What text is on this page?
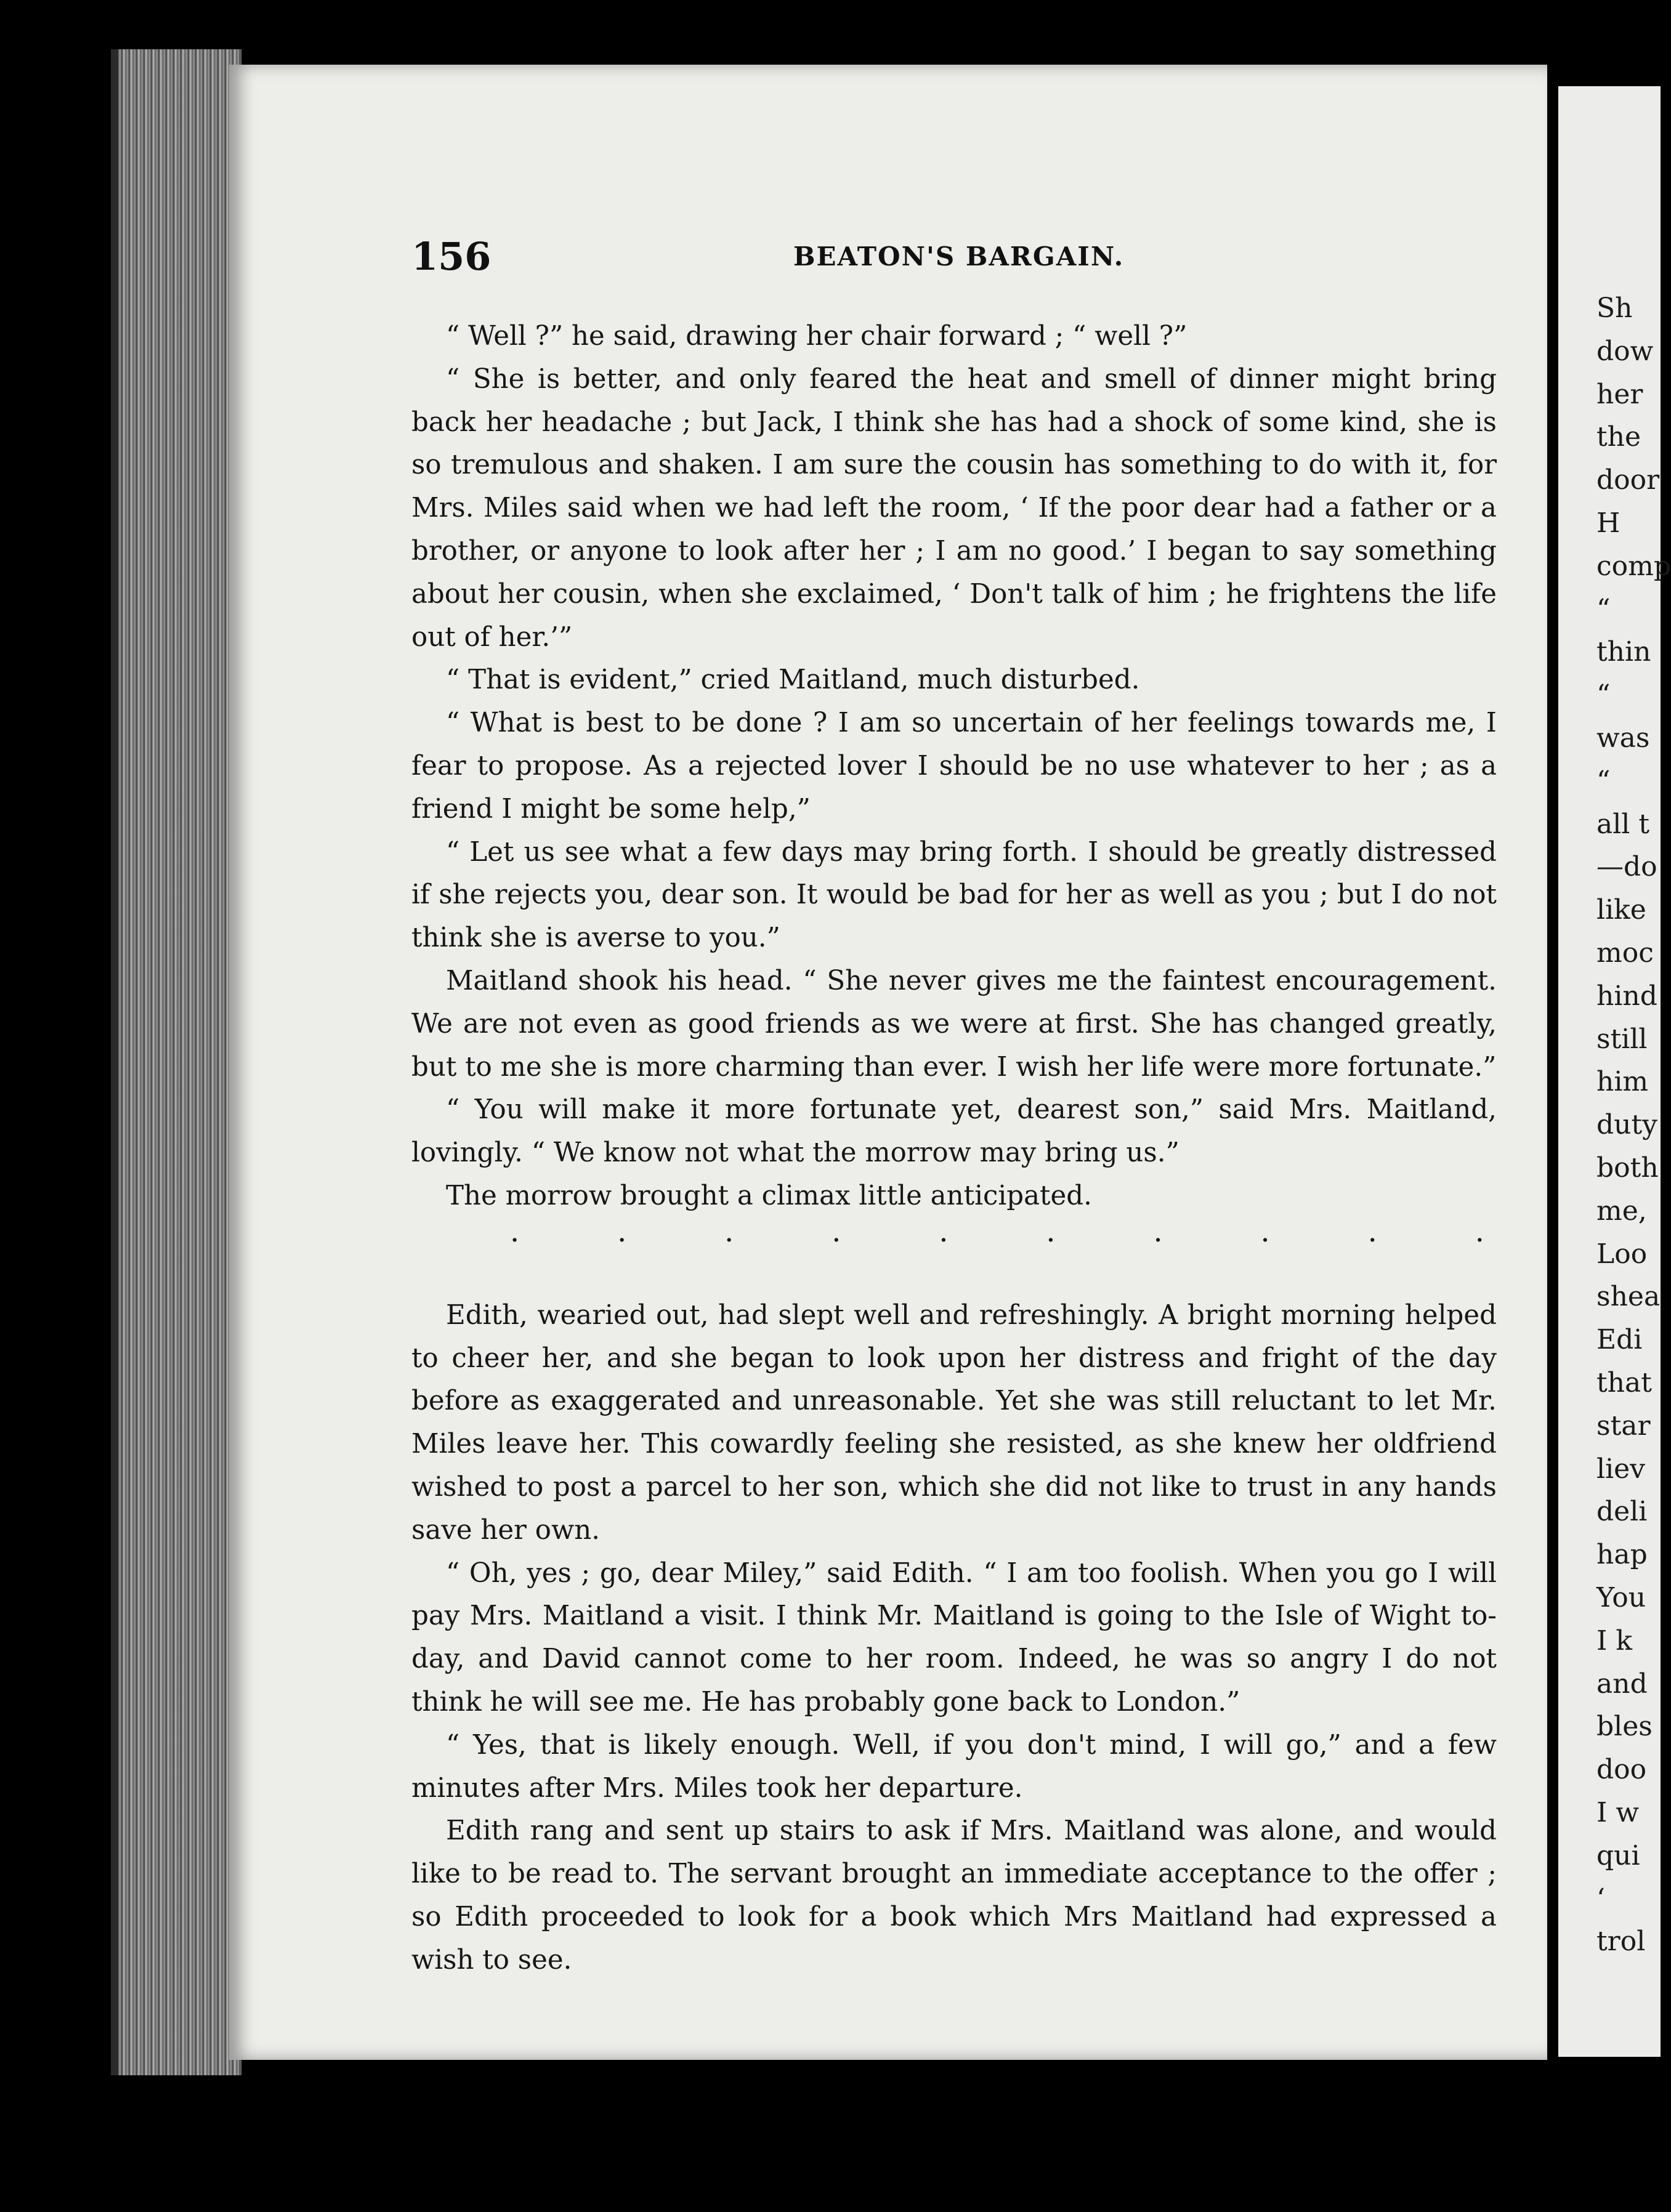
156	BEATON'S BARGAIN.

“ Well ?” he said, drawing her chair forward ; “ well ?”

“ She is better, and only feared the heat and smell of dinner might bring back her headache ; but Jack, I think she has had a shock of some kind, she is so tremulous and shaken. I am sure the cousin has something to do with it, for Mrs. Miles said when we had left the room, ‘ If the poor dear had a father or a brother, or anyone to look after her ; I am no good.’ I began to say something about her cousin, when she exclaimed, ‘ Don't talk of him ; he frightens the life out of her.’”

“ That is evident,” cried Maitland, much disturbed.

“ What is best to be done ? I am so uncertain of her feelings towards me, I fear to propose. As a rejected lover I should be no use whatever to her ; as a friend I might be some help,”

“ Let us see what a few days may bring forth. I should be greatly distressed if she rejects you, dear son. It would be bad for her as well as you ; but I do not think she is averse to you.”

Maitland shook his head. “ She never gives me the faintest encouragement. We are not even as good friends as we were at first. She has changed greatly, but to me she is more charming than ever. I wish her life were more fortunate.”

“ You will make it more fortunate yet, dearest son,” said Mrs. Maitland, lovingly. “ We know not what the morrow may bring us.”

The morrow brought a climax little anticipated.

·	·	·	·	·	·	·	·	·	·

Edith, wearied out, had slept well and refreshingly. A bright morning helped to cheer her, and she began to look upon her distress and fright of the day before as exaggerated and unreasonable. Yet she was still reluctant to let Mr. Miles leave her. This cowardly feeling she resisted, as she knew her oldfriend wished to post a parcel to her son, which she did not like to trust in any hands save her own.

“ Oh, yes ; go, dear Miley,” said Edith. “ I am too foolish. When you go I will pay Mrs. Maitland a visit. I think Mr. Maitland is going to the Isle of Wight to-day, and David cannot come to her room. Indeed, he was so angry I do not think he will see me. He has probably gone back to London.”

“ Yes, that is likely enough. Well, if you don't mind, I will go,” and a few minutes after Mrs. Miles took her departure.

Edith rang and sent up stairs to ask if Mrs. Maitland was alone, and would like to be read to. The servant brought an immediate acceptance to the offer ; so Edith proceeded to look for a book which Mrs Maitland had expressed a wish to see.

Sh
dow
her
the
door
H
comp
“
thin
“
was
“
all t
—do
like
moc
hind
still
him
duty
both
me,
Loo
shea
Edi
that
star
liev
deli
hap
You
I k
and
bles
doo
I w
qui
‘
trol
